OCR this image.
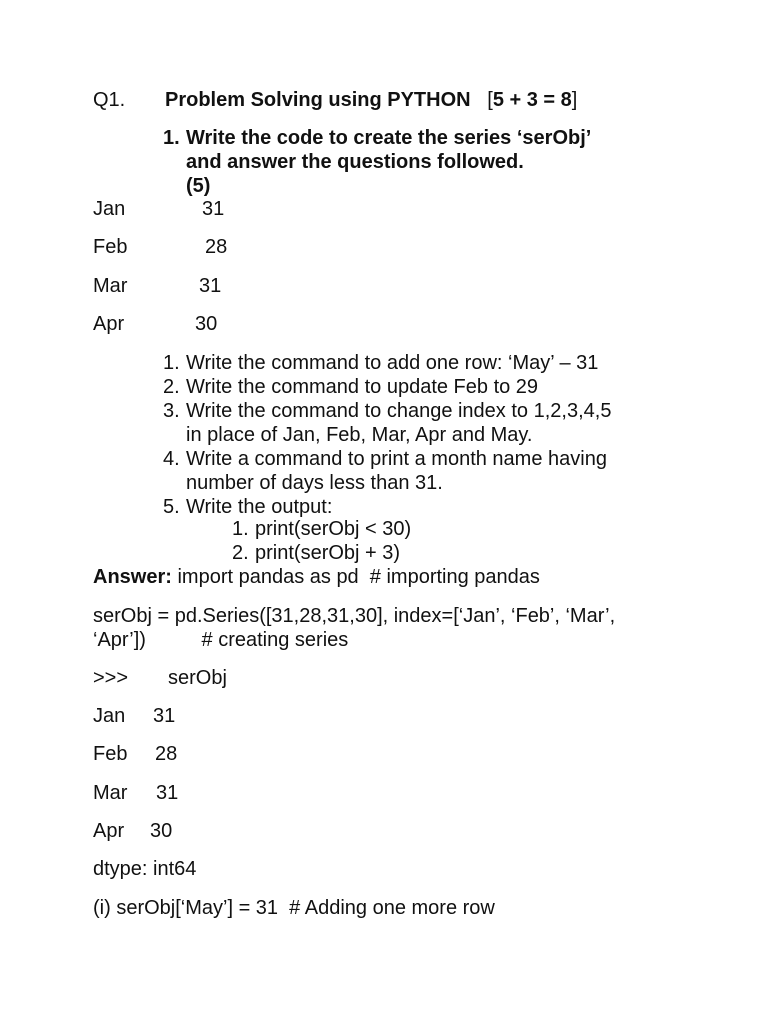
Q1. Problem Solving using PYTHON [5 + 3 = 8]
1. Write the code to create the series ‘serObj’
and answer the questions followed.
(5)
Jan	31
Feb	28
Mar	31
Apr	30
1. Write the command to add one row: ‘May’ – 31
2. Write the command to update Feb to 29
3. Write the command to change index to 1,2,3,4,5
in place of Jan, Feb, Mar, Apr and May.
4. Write a command to print a month name having
number of days less than 31.
5. Write the output:
1. print(serObj < 30)
2. print(serObj + 3)
Answer: import pandas as pd  # importing pandas
serObj = pd.Series([31,28,31,30], index=[‘Jan’, ‘Feb’, ‘Mar’,
‘Apr’])          # creating series
>>> serObj
Jan 31
Feb 28
Mar 31
Apr 30
dtype: int64
(i) serObj[‘May’] = 31  # Adding one more row
